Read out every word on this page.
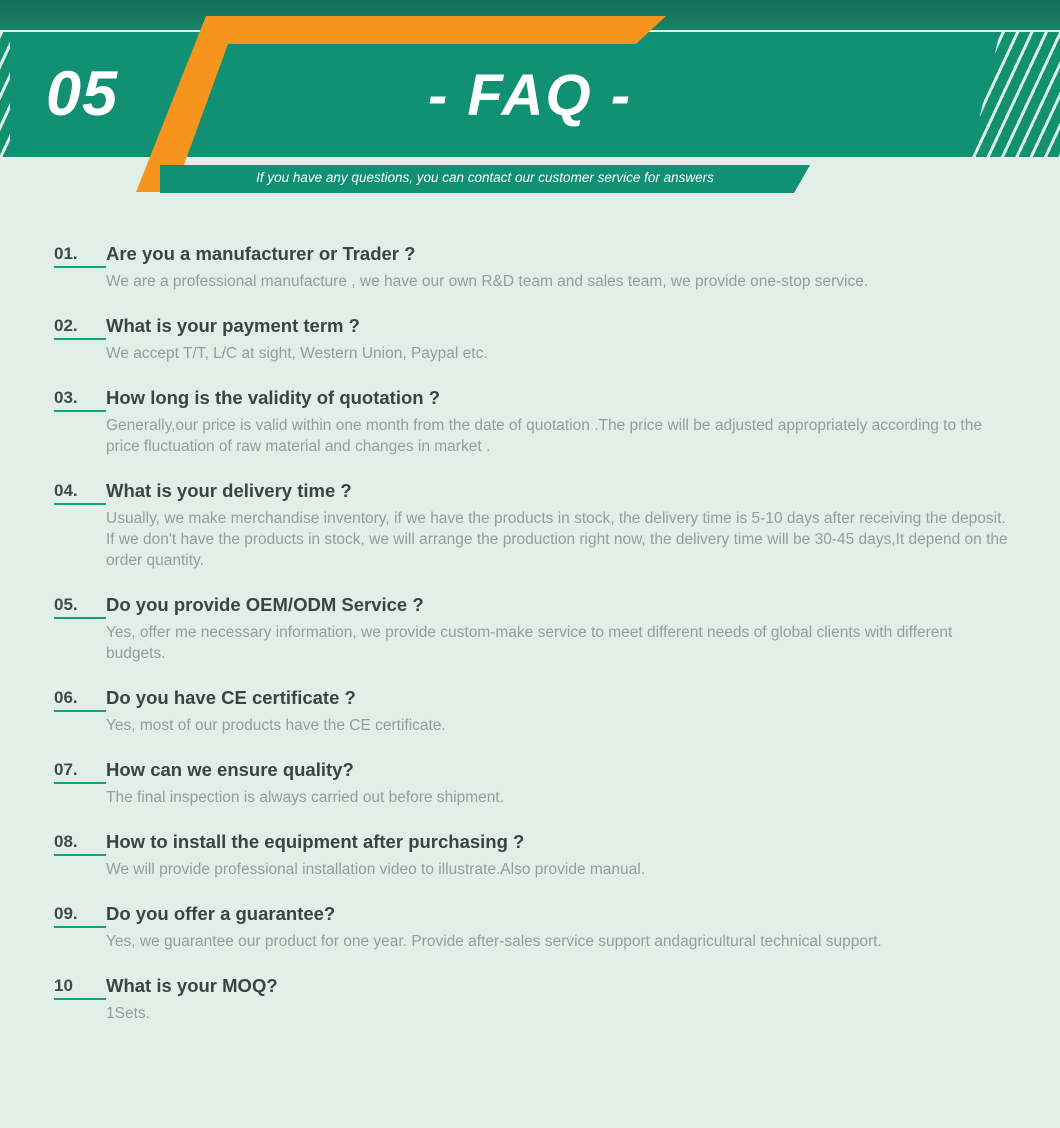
05	- FAQ -
If you have any questions, you can contact our customer service for answers
01.	Are you a manufacturer or Trader ?
We are a professional manufacture , we have our own R&D team and sales team, we provide one-stop service.
02.	What is your payment term ?
We accept T/T, L/C at sight, Western Union, Paypal etc.
03.	How long is the validity of quotation ?
Generally,our price is valid within one month from the date of quotation .The price will be adjusted appropriately according to the price fluctuation of raw material and changes in market .
04.	What is your delivery time ?
Usually, we make merchandise inventory, if we have the products in stock, the delivery time is 5-10 days after receiving the deposit.
If we don't have the products in stock, we will arrange the production right now, the delivery time will be 30-45 days,It depend on the order quantity.
05.	Do you provide OEM/ODM Service ?
Yes, offer me necessary information, we provide custom-make service to meet different needs of global clients with different budgets.
06.	Do you have CE certificate ?
Yes, most of our products have the CE certificate.
07.	How can we ensure quality?
The final inspection is always carried out before shipment.
08.	How to install the equipment after purchasing ?
We will provide professional installation video to illustrate.Also provide manual.
09.	Do you offer a guarantee?
Yes, we guarantee our product for one year. Provide after-sales service support andagricultural technical support.
10	What is your MOQ?
1Sets.
